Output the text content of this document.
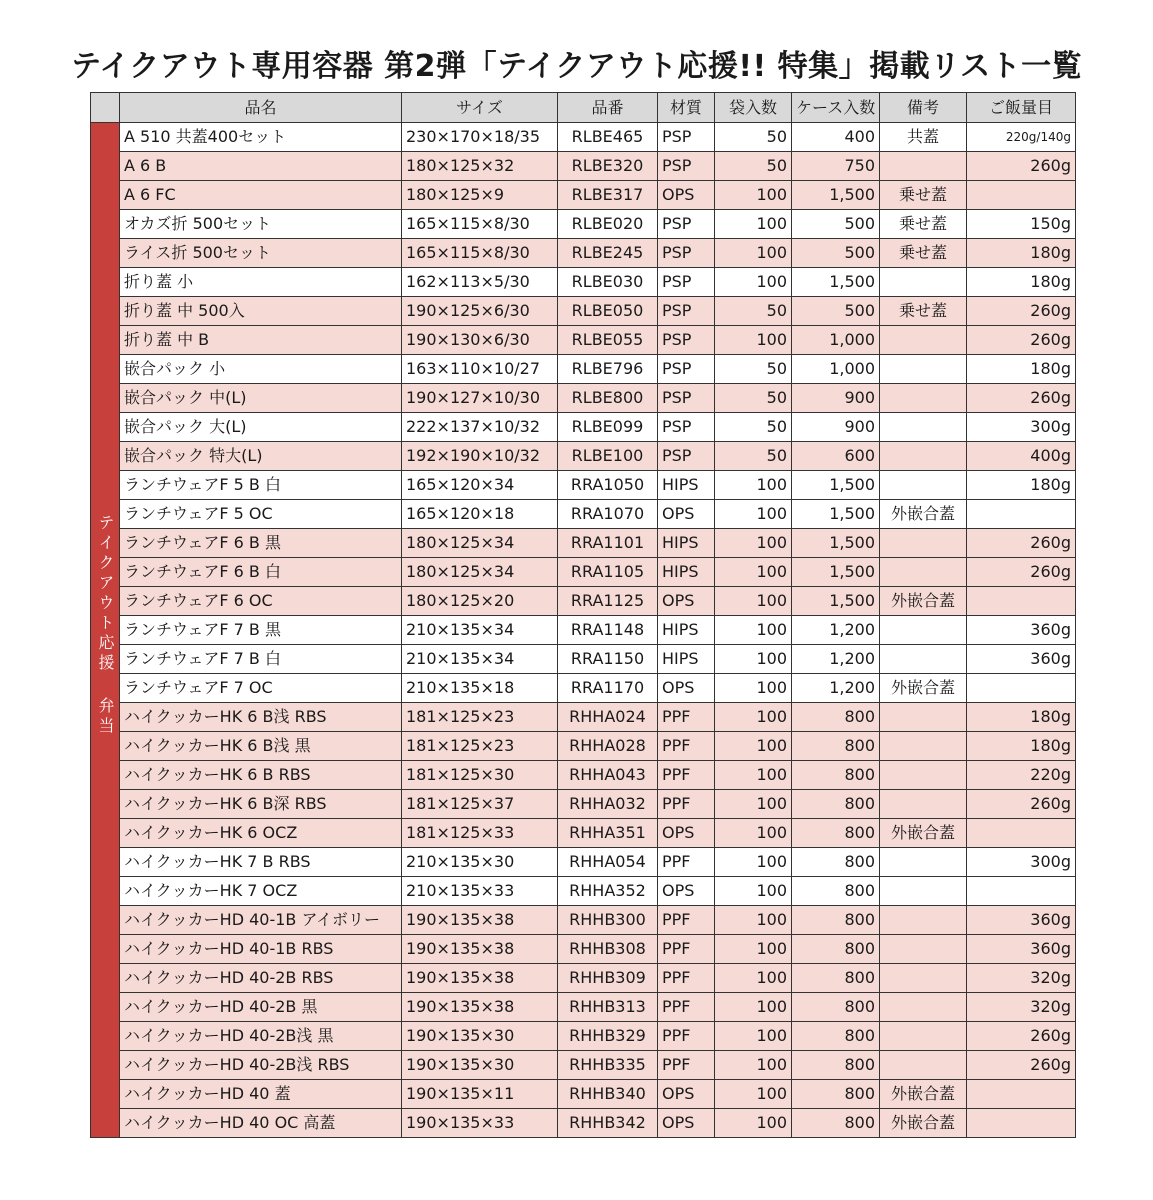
テイクアウト専用容器 第2弾「テイクアウト応援!! 特集」掲載リスト一覧
	品名	サイズ	品番	材質	袋入数	ケース入数	備考	ご飯量目
テイクアウト応援 弁当	A 510 共蓋400セット	230×170×18/35	RLBE465	PSP	50	400	共蓋	220g/140g
	A 6 B	180×125×32	RLBE320	PSP	50	750		260g
	A 6 FC	180×125×9	RLBE317	OPS	100	1,500	乗せ蓋	
	オカズ折 500セット	165×115×8/30	RLBE020	PSP	100	500	乗せ蓋	150g
	ライス折 500セット	165×115×8/30	RLBE245	PSP	100	500	乗せ蓋	180g
	折り蓋 小	162×113×5/30	RLBE030	PSP	100	1,500		180g
	折り蓋 中 500入	190×125×6/30	RLBE050	PSP	50	500	乗せ蓋	260g
	折り蓋 中 B	190×130×6/30	RLBE055	PSP	100	1,000		260g
	嵌合パック 小	163×110×10/27	RLBE796	PSP	50	1,000		180g
	嵌合パック 中(L)	190×127×10/30	RLBE800	PSP	50	900		260g
	嵌合パック 大(L)	222×137×10/32	RLBE099	PSP	50	900		300g
	嵌合パック 特大(L)	192×190×10/32	RLBE100	PSP	50	600		400g
	ランチウェアF 5 B 白	165×120×34	RRA1050	HIPS	100	1,500		180g
	ランチウェアF 5 OC	165×120×18	RRA1070	OPS	100	1,500	外嵌合蓋	
	ランチウェアF 6 B 黒	180×125×34	RRA1101	HIPS	100	1,500		260g
	ランチウェアF 6 B 白	180×125×34	RRA1105	HIPS	100	1,500		260g
	ランチウェアF 6 OC	180×125×20	RRA1125	OPS	100	1,500	外嵌合蓋	
	ランチウェアF 7 B 黒	210×135×34	RRA1148	HIPS	100	1,200		360g
	ランチウェアF 7 B 白	210×135×34	RRA1150	HIPS	100	1,200		360g
	ランチウェアF 7 OC	210×135×18	RRA1170	OPS	100	1,200	外嵌合蓋	
	ハイクッカーHK 6 B浅 RBS	181×125×23	RHHA024	PPF	100	800		180g
	ハイクッカーHK 6 B浅 黒	181×125×23	RHHA028	PPF	100	800		180g
	ハイクッカーHK 6 B RBS	181×125×30	RHHA043	PPF	100	800		220g
	ハイクッカーHK 6 B深 RBS	181×125×37	RHHA032	PPF	100	800		260g
	ハイクッカーHK 6 OCZ	181×125×33	RHHA351	OPS	100	800	外嵌合蓋	
	ハイクッカーHK 7 B RBS	210×135×30	RHHA054	PPF	100	800		300g
	ハイクッカーHK 7 OCZ	210×135×33	RHHA352	OPS	100	800		
	ハイクッカーHD 40-1B アイボリー	190×135×38	RHHB300	PPF	100	800		360g
	ハイクッカーHD 40-1B RBS	190×135×38	RHHB308	PPF	100	800		360g
	ハイクッカーHD 40-2B RBS	190×135×38	RHHB309	PPF	100	800		320g
	ハイクッカーHD 40-2B 黒	190×135×38	RHHB313	PPF	100	800		320g
	ハイクッカーHD 40-2B浅 黒	190×135×30	RHHB329	PPF	100	800		260g
	ハイクッカーHD 40-2B浅 RBS	190×135×30	RHHB335	PPF	100	800		260g
	ハイクッカーHD 40 蓋	190×135×11	RHHB340	OPS	100	800	外嵌合蓋	
	ハイクッカーHD 40 OC 高蓋	190×135×33	RHHB342	OPS	100	800	外嵌合蓋	
